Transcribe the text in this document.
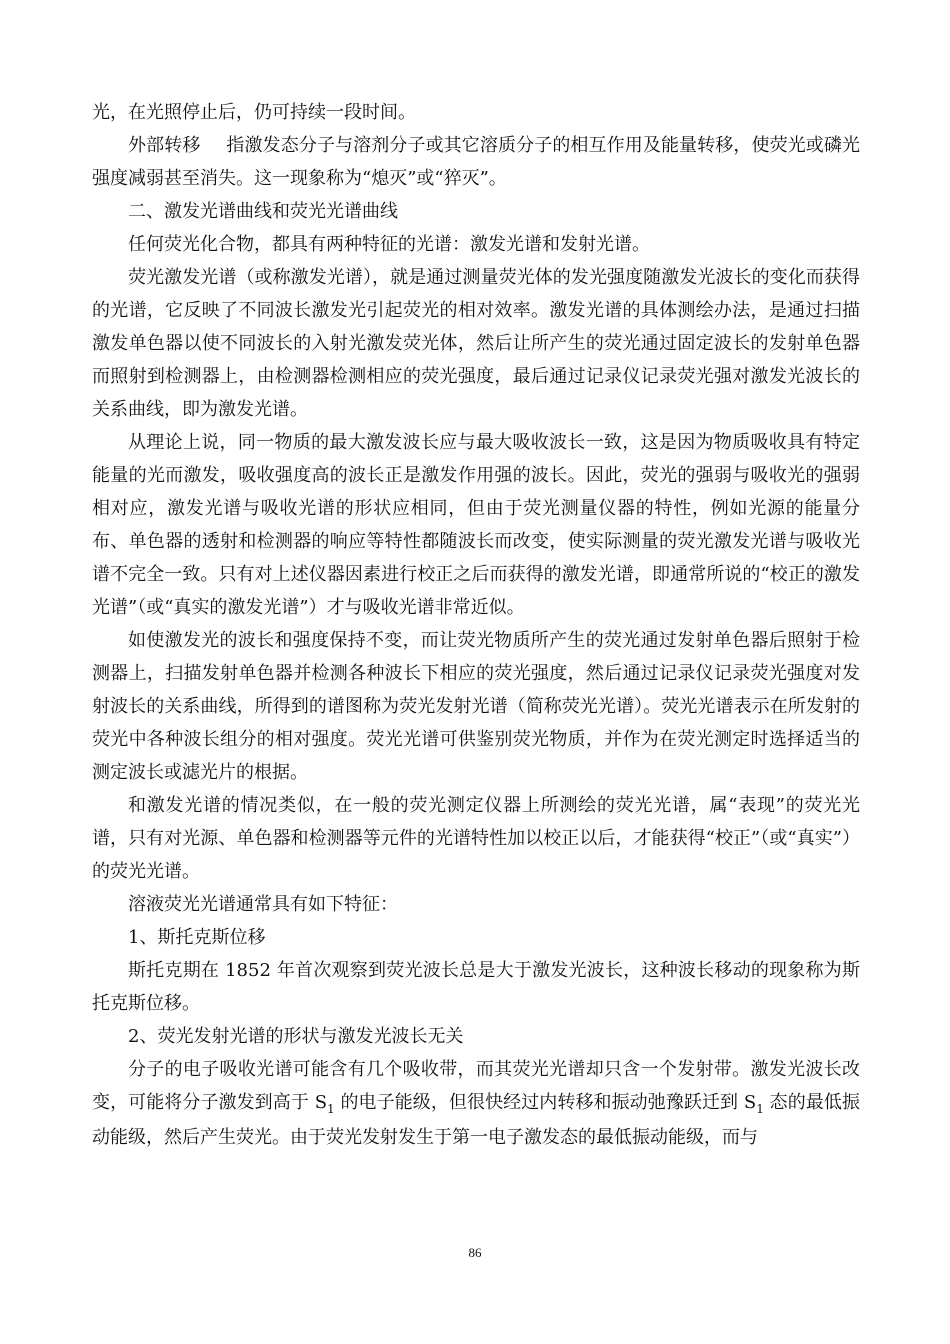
光，在光照停止后，仍可持续一段时间。

外部转移 指激发态分子与溶剂分子或其它溶质分子的相互作用及能量转移，使荧光或磷光强度减弱甚至消失。这一现象称为“熄灭”或“猝灭”。

二、激发光谱曲线和荧光光谱曲线

任何荧光化合物，都具有两种特征的光谱：激发光谱和发射光谱。

荧光激发光谱（或称激发光谱），就是通过测量荧光体的发光强度随激发光波长的变化而获得的光谱，它反映了不同波长激发光引起荧光的相对效率。激发光谱的具体测绘办法，是通过扫描激发单色器以使不同波长的入射光激发荧光体，然后让所产生的荧光通过固定波长的发射单色器而照射到检测器上，由检测器检测相应的荧光强度，最后通过记录仪记录荧光强对激发光波长的关系曲线，即为激发光谱。

从理论上说，同一物质的最大激发波长应与最大吸收波长一致，这是因为物质吸收具有特定能量的光而激发，吸收强度高的波长正是激发作用强的波长。因此，荧光的强弱与吸收光的强弱相对应，激发光谱与吸收光谱的形状应相同，但由于荧光测量仪器的特性，例如光源的能量分布、单色器的透射和检测器的响应等特性都随波长而改变，使实际测量的荧光激发光谱与吸收光谱不完全一致。只有对上述仪器因素进行校正之后而获得的激发光谱，即通常所说的“校正的激发光谱”（或“真实的激发光谱”）才与吸收光谱非常近似。

如使激发光的波长和强度保持不变，而让荧光物质所产生的荧光通过发射单色器后照射于检测器上，扫描发射单色器并检测各种波长下相应的荧光强度，然后通过记录仪记录荧光强度对发射波长的关系曲线，所得到的谱图称为荧光发射光谱（简称荧光光谱）。荧光光谱表示在所发射的荧光中各种波长组分的相对强度。荧光光谱可供鉴别荧光物质，并作为在荧光测定时选择适当的测定波长或滤光片的根据。

和激发光谱的情况类似，在一般的荧光测定仪器上所测绘的荧光光谱，属“表现”的荧光光谱，只有对光源、单色器和检测器等元件的光谱特性加以校正以后，才能获得“校正”（或“真实”）的荧光光谱。

溶液荧光光谱通常具有如下特征：

1、斯托克斯位移

斯托克期在 1852 年首次观察到荧光波长总是大于激发光波长，这种波长移动的现象称为斯托克斯位移。

2、荧光发射光谱的形状与激发光波长无关

分子的电子吸收光谱可能含有几个吸收带，而其荧光光谱却只含一个发射带。激发光波长改变，可能将分子激发到高于 $S_1$ 的电子能级，但很快经过内转移和振动弛豫跃迁到 $S_1$ 态的最低振动能级，然后产生荧光。由于荧光发射发生于第一电子激发态的最低振动能级，而与

86
